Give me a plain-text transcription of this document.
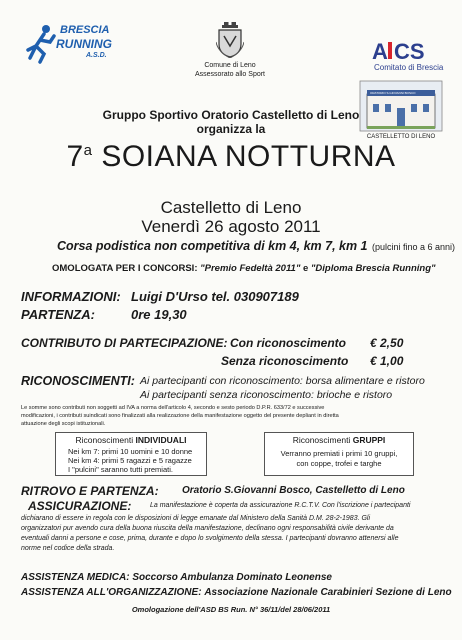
BRESCIA
RUNNING
A.S.D.
Comune di Leno
Assessorato allo Sport
A CS
Comitato di Brescia
Gruppo Sportivo Oratorio Castelletto di Leno
organizza la
ORATORIO S.GIOVANNI BOSCO
CASTELLETTO DI LENO
7$^a$ SOIANA NOTTURNA
Castelletto di Leno
Venerdì 26 agosto 2011
Corsa podistica non competitiva di km 4, km 7, km 1 (pulcini fino a 6 anni)
OMOLOGATA PER I CONCORSI: "Premio Fedeltà 2011" e "Diploma Brescia Running"
INFORMAZIONI: Luigi D'Urso tel. 030907189
PARTENZA:	0re 19,30
CONTRIBUTO DI PARTECIPAZIONE: Con riconoscimento € 2,50
Senza riconoscimento € 1,00
RICONOSCIMENTI: Ai partecipanti con riconoscimento: borsa alimentare e ristoro
Ai partecipanti senza riconoscimento: brioche e ristoro
Le somme sono contributi non soggetti ad IVA a norma dell'articolo 4, secondo e sesto periodo D.P.R. 633/72 e successive
modificazioni, i contributi suindicati sono finalizzati alla realizzazione della manifestazione oggetto del presente depliant in diretta
attuazione degli scopi istituzionali.
Riconoscimenti INDIVIDUALI
Nei km 7: primi 10 uomini e 10 donne
Nei km 4: primi 5 ragazzi e 5 ragazze
I "pulcini" saranno tutti premiati.
Riconoscimenti GRUPPI
Verranno premiati i primi 10 gruppi,
con coppe, trofei e targhe
RITROVO E PARTENZA: Oratorio S.Giovanni Bosco, Castelletto di Leno
ASSICURAZIONE:	La manifestazione è coperta da assicurazione R.C.T.V. Con l'iscrizione i partecipanti
dichiarano di essere in regola con le disposizioni di legge emanate dal Ministero della Sanità D.M. 28-2-1983. Gli
organizzatori pur avendo cura della buona riuscita della manifestazione, declinano ogni responsabilità civile derivante da
eventuali danni a persone e cose, prima, durante e dopo lo svolgimento della stessa. I partecipanti dovranno attenersi alle
norme nel codice della strada.
ASSISTENZA MEDICA: Soccorso Ambulanza Dominato Leonense
ASSISTENZA ALL'ORGANIZZAZIONE: Associazione Nazionale Carabinieri Sezione di Leno
Omologazione dell'ASD BS Run. N° 36/11/del 28/06/2011
